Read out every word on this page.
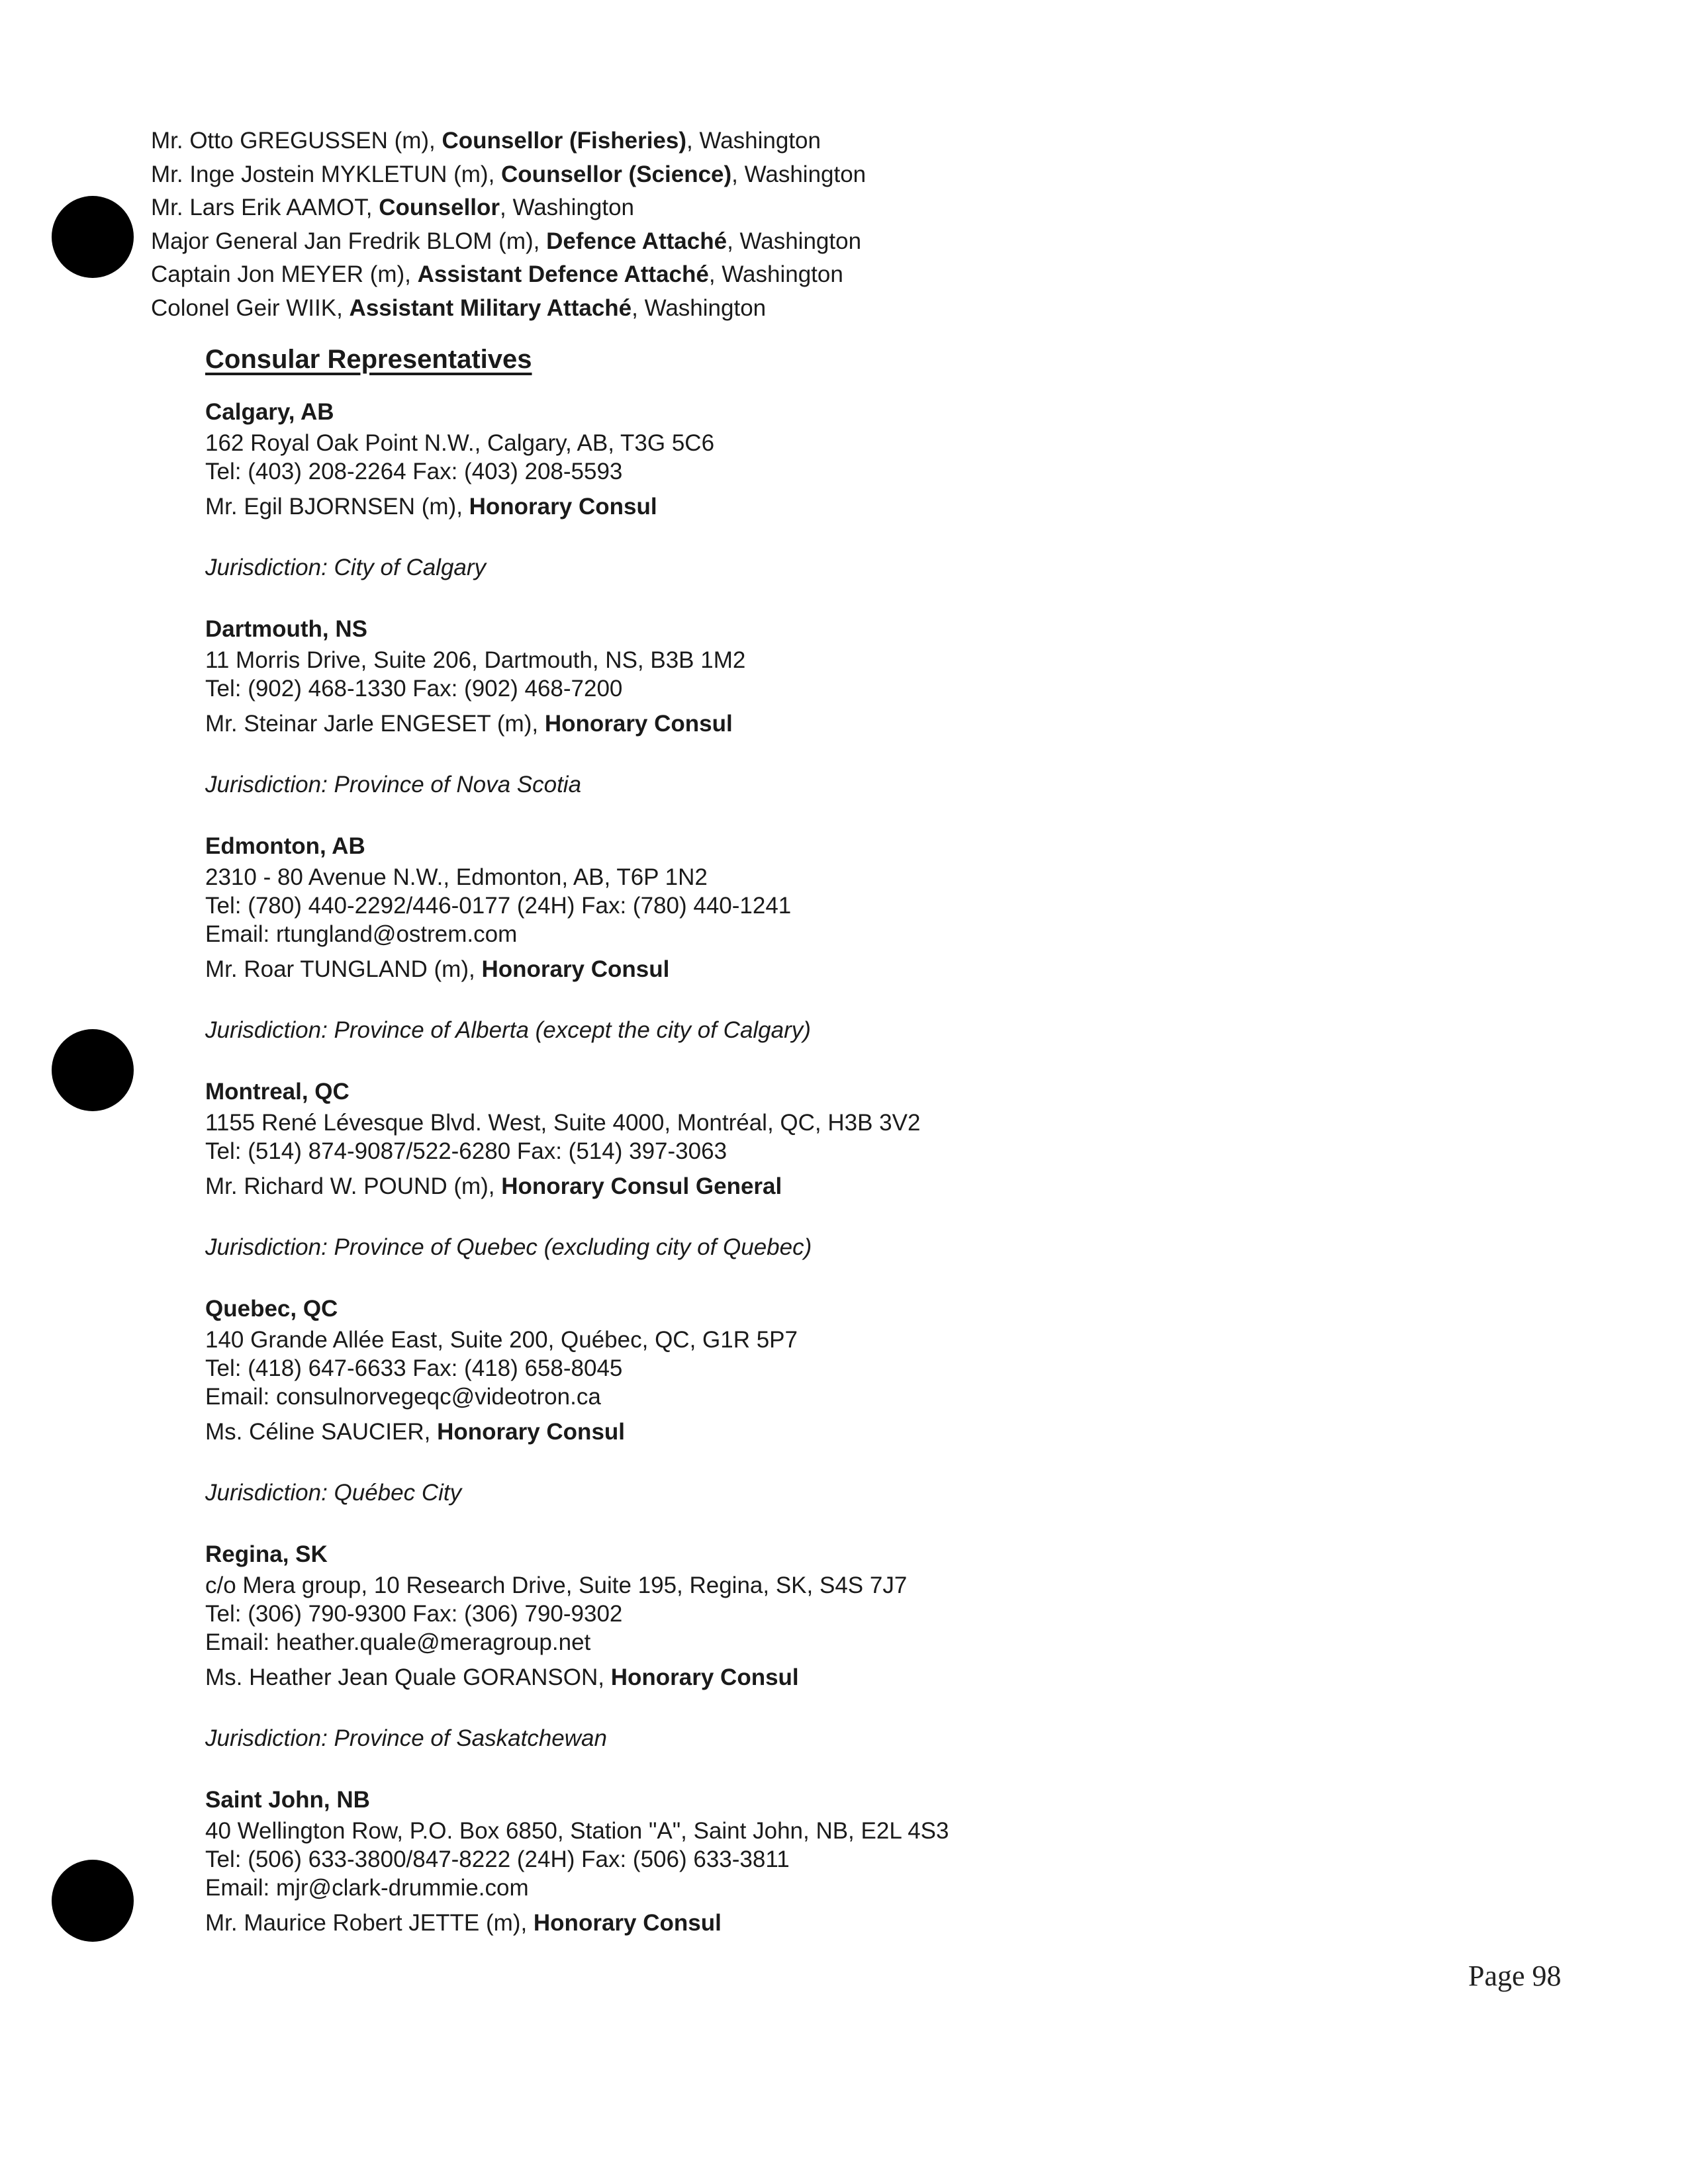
Mr. Otto GREGUSSEN (m), Counsellor (Fisheries), Washington
Mr. Inge Jostein MYKLETUN (m), Counsellor (Science), Washington
Mr. Lars Erik AAMOT, Counsellor, Washington
Major General Jan Fredrik BLOM (m), Defence Attaché, Washington
Captain Jon MEYER (m), Assistant Defence Attaché, Washington
Colonel Geir WIIK, Assistant Military Attaché, Washington
Consular Representatives
Calgary, AB
162 Royal Oak Point N.W., Calgary, AB, T3G 5C6
Tel: (403) 208-2264 Fax: (403) 208-5593
Mr. Egil BJORNSEN (m), Honorary Consul
Jurisdiction: City of Calgary
Dartmouth, NS
11 Morris Drive, Suite 206, Dartmouth, NS, B3B 1M2
Tel: (902) 468-1330 Fax: (902) 468-7200
Mr. Steinar Jarle ENGESET (m), Honorary Consul
Jurisdiction: Province of Nova Scotia
Edmonton, AB
2310 - 80 Avenue N.W., Edmonton, AB, T6P 1N2
Tel: (780) 440-2292/446-0177 (24H) Fax: (780) 440-1241
Email: rtungland@ostrem.com
Mr. Roar TUNGLAND (m), Honorary Consul
Jurisdiction: Province of Alberta (except the city of Calgary)
Montreal, QC
1155 René Lévesque Blvd. West, Suite 4000, Montréal, QC, H3B 3V2
Tel: (514) 874-9087/522-6280 Fax: (514) 397-3063
Mr. Richard W. POUND (m), Honorary Consul General
Jurisdiction: Province of Quebec (excluding city of Quebec)
Quebec, QC
140 Grande Allée East, Suite 200, Québec, QC, G1R 5P7
Tel: (418) 647-6633 Fax: (418) 658-8045
Email: consulnorvegeqc@videotron.ca
Ms. Céline SAUCIER, Honorary Consul
Jurisdiction: Québec City
Regina, SK
c/o Mera group, 10 Research Drive, Suite 195, Regina, SK, S4S 7J7
Tel: (306) 790-9300 Fax: (306) 790-9302
Email: heather.quale@meragroup.net
Ms. Heather Jean Quale GORANSON, Honorary Consul
Jurisdiction: Province of Saskatchewan
Saint John, NB
40 Wellington Row, P.O. Box 6850, Station "A", Saint John, NB, E2L 4S3
Tel: (506) 633-3800/847-8222 (24H) Fax: (506) 633-3811
Email: mjr@clark-drummie.com
Mr. Maurice Robert JETTE (m), Honorary Consul
Page 98
